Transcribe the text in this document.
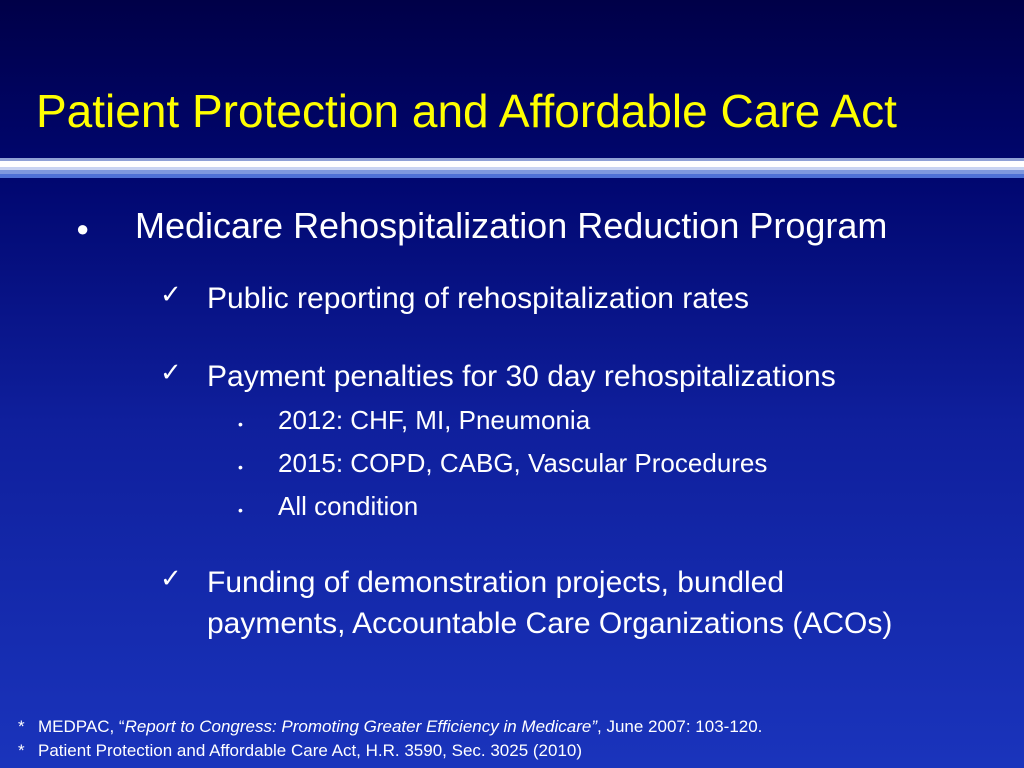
Patient Protection and Affordable Care Act
● Medicare Rehospitalization Reduction Program
✓ Public reporting of rehospitalization rates
✓ Payment penalties for 30 day rehospitalizations
• 2012: CHF, MI, Pneumonia
• 2015: COPD, CABG, Vascular Procedures
• All condition
✓ Funding of demonstration projects, bundled
payments, Accountable Care Organizations (ACOs)
* MEDPAC, “Report to Congress: Promoting Greater Efficiency in Medicare”, June 2007: 103-120.
* Patient Protection and Affordable Care Act, H.R. 3590, Sec. 3025 (2010)
